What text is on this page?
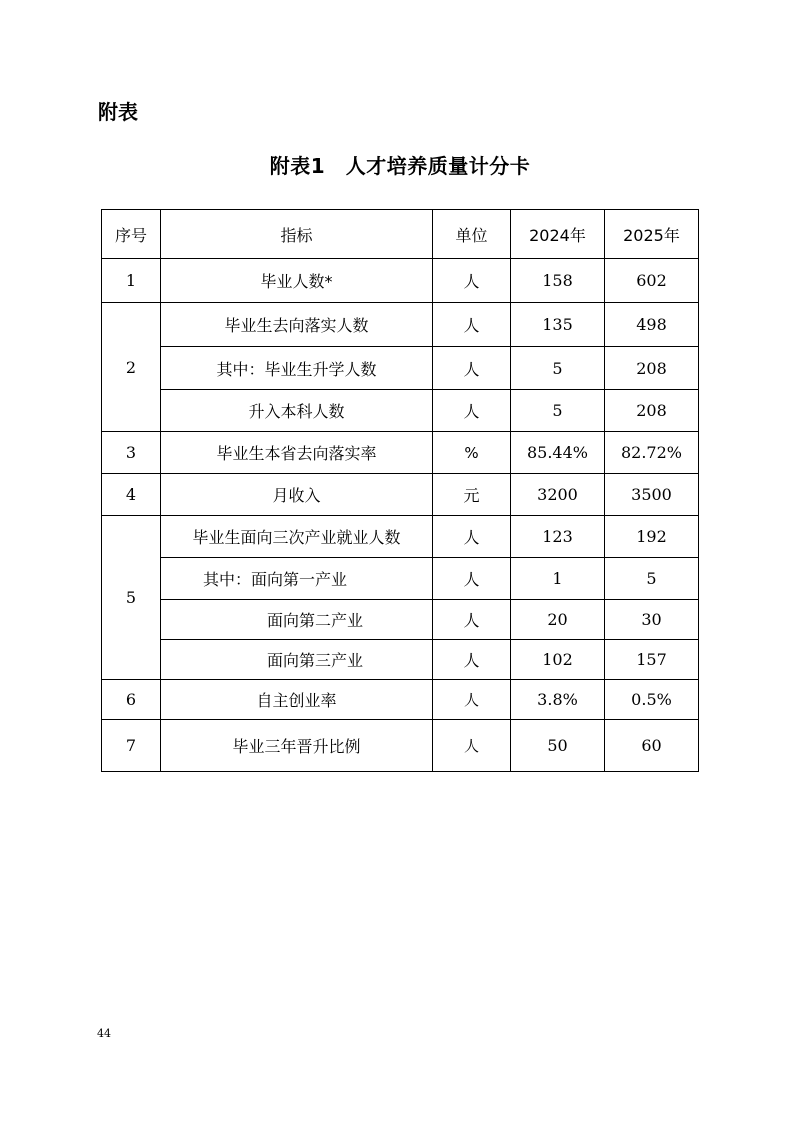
附表
附表1　人才培养质量计分卡
序号	指标	单位	2024年	2025年
1	毕业人数*	人	158	602
2	毕业生去向落实人数	人	135	498
	其中：毕业生升学人数	人	5	208
	升入本科人数	人	5	208
3	毕业生本省去向落实率	%	85.44%	82.72%
4	月收入	元	3200	3500
5	毕业生面向三次产业就业人数	人	123	192
	其中：面向第一产业	人	1	5
	面向第二产业	人	20	30
	面向第三产业	人	102	157
6	自主创业率	人	3.8%	0.5%
7	毕业三年晋升比例	人	50	60
44
